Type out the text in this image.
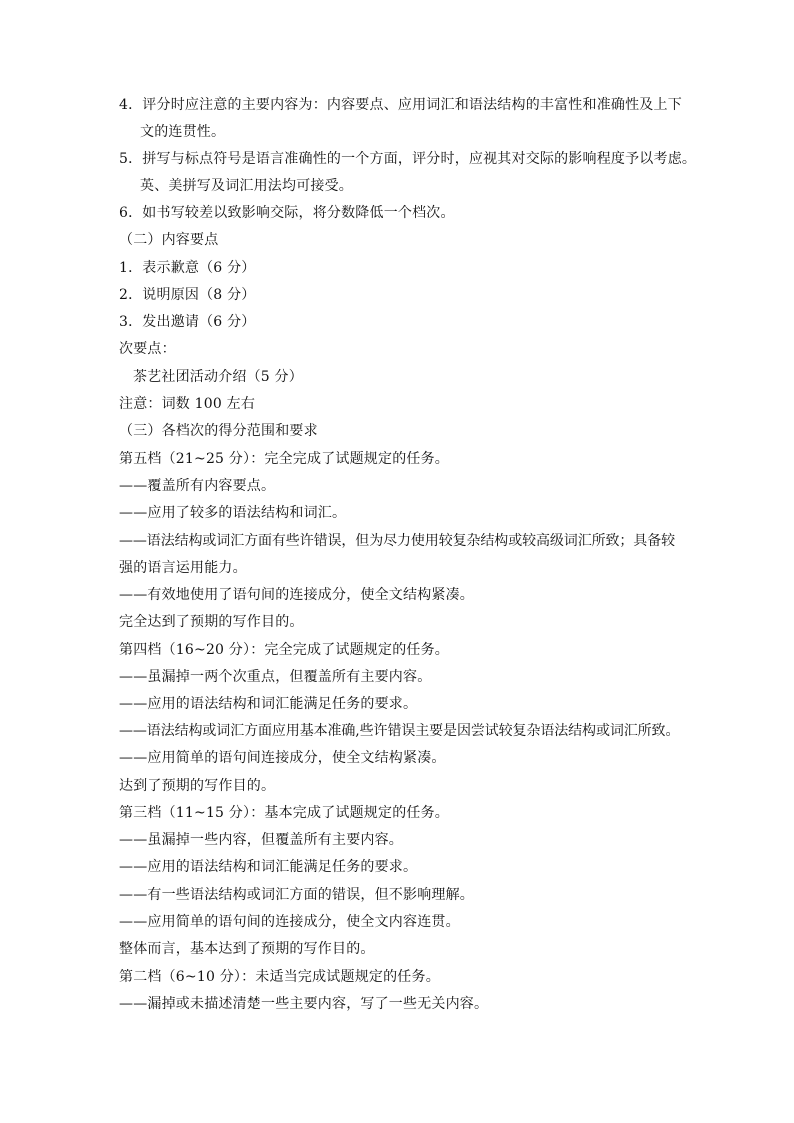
4．评分时应注意的主要内容为：内容要点、应用词汇和语法结构的丰富性和准确性及上下
文的连贯性。
5．拼写与标点符号是语言准确性的一个方面，评分时，应视其对交际的影响程度予以考虑。
英、美拼写及词汇用法均可接受。
6．如书写较差以致影响交际，将分数降低一个档次。
（二）内容要点
1．表示歉意（6 分）
2．说明原因（8 分）
3．发出邀请（6 分）
次要点：
茶艺社团活动介绍（5 分）
注意：词数 100 左右
（三）各档次的得分范围和要求
第五档（21~25 分）：完全完成了试题规定的任务。
——覆盖所有内容要点。
——应用了较多的语法结构和词汇。
——语法结构或词汇方面有些许错误，但为尽力使用较复杂结构或较高级词汇所致；具备较
强的语言运用能力。
——有效地使用了语句间的连接成分，使全文结构紧凑。
完全达到了预期的写作目的。
第四档（16~20 分）：完全完成了试题规定的任务。
——虽漏掉一两个次重点，但覆盖所有主要内容。
——应用的语法结构和词汇能满足任务的要求。
——语法结构或词汇方面应用基本准确,些许错误主要是因尝试较复杂语法结构或词汇所致。
——应用简单的语句间连接成分，使全文结构紧凑。
达到了预期的写作目的。
第三档（11~15 分）：基本完成了试题规定的任务。
——虽漏掉一些内容，但覆盖所有主要内容。
——应用的语法结构和词汇能满足任务的要求。
——有一些语法结构或词汇方面的错误，但不影响理解。
——应用简单的语句间的连接成分，使全文内容连贯。
整体而言，基本达到了预期的写作目的。
第二档（6~10 分）：未适当完成试题规定的任务。
——漏掉或未描述清楚一些主要内容，写了一些无关内容。
